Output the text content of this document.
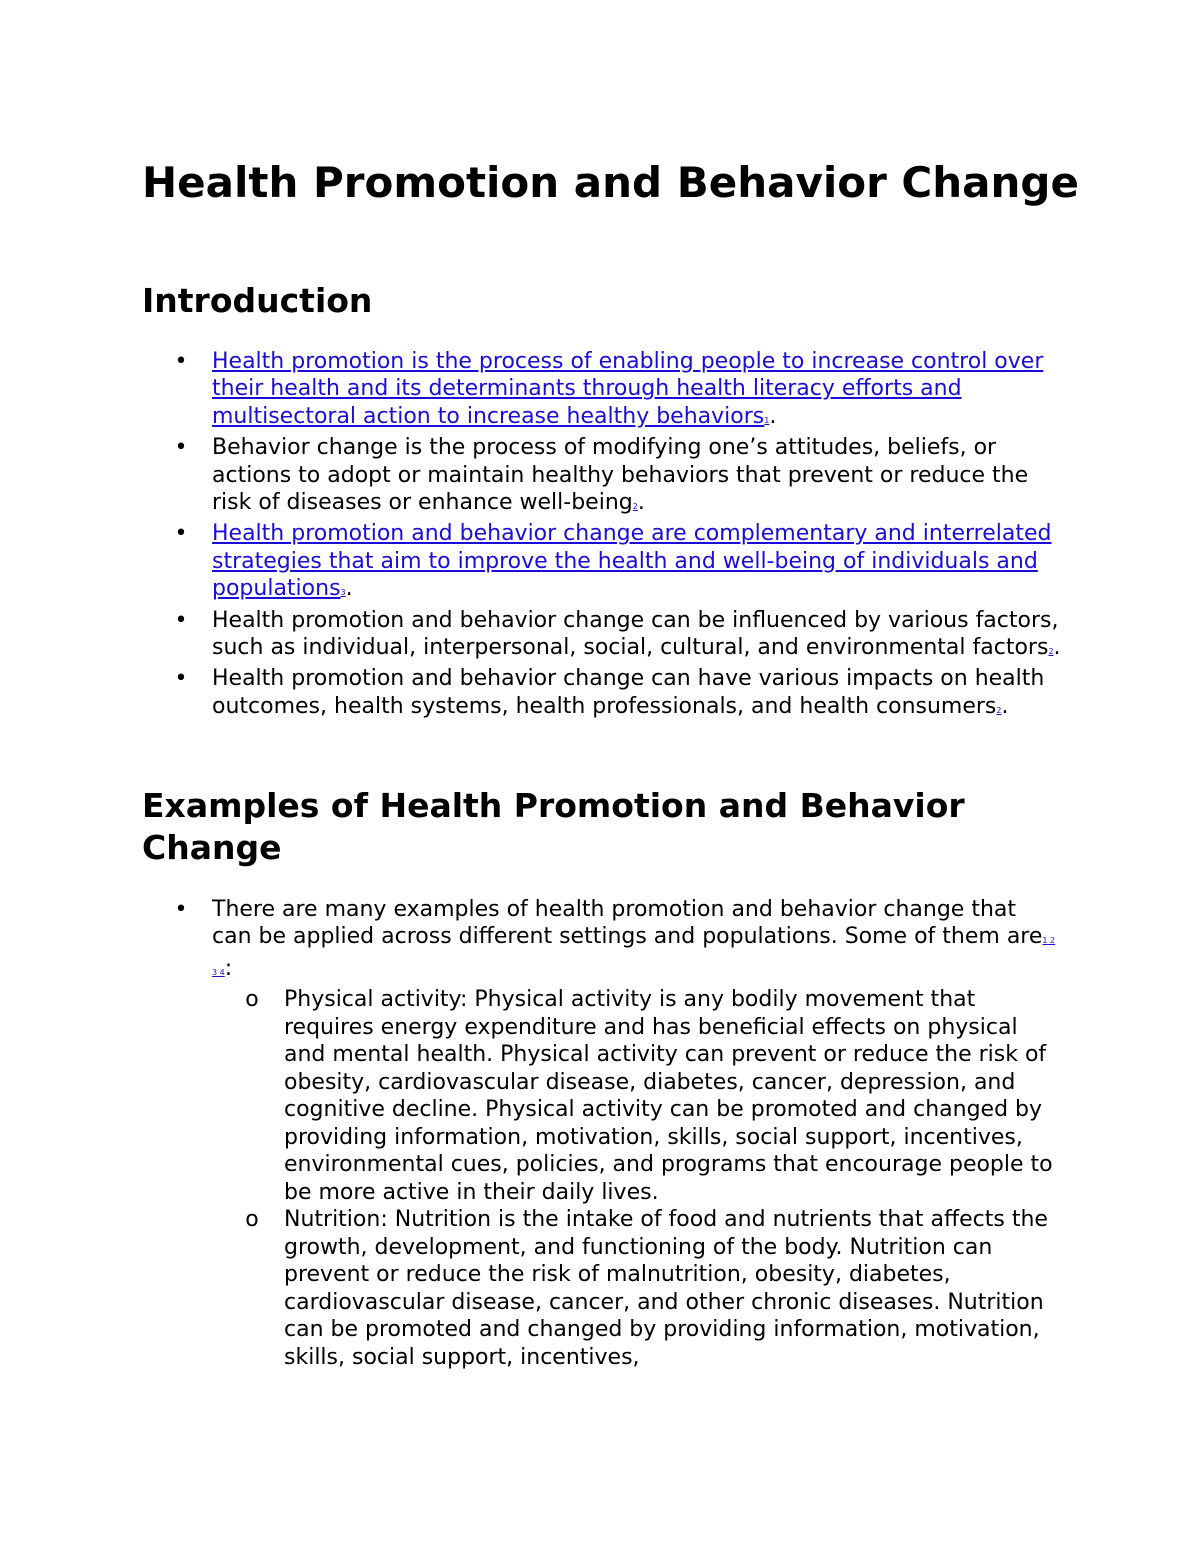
Health Promotion and Behavior Change
Introduction
• Health promotion is the process of enabling people to increase control over their health and its determinants through health literacy efforts and multisectoral action to increase healthy behaviors1.
• Behavior change is the process of modifying one’s attitudes, beliefs, or actions to adopt or maintain healthy behaviors that prevent or reduce the risk of diseases or enhance well-being2.
• Health promotion and behavior change are complementary and interrelated strategies that aim to improve the health and well-being of individuals and populations3.
• Health promotion and behavior change can be influenced by various factors, such as individual, interpersonal, social, cultural, and environmental factors2.
• Health promotion and behavior change can have various impacts on health outcomes, health systems, health professionals, and health consumers2.
Examples of Health Promotion and Behavior Change
• There are many examples of health promotion and behavior change that can be applied across different settings and populations. Some of them are1 2 3 4:
o Physical activity: Physical activity is any bodily movement that requires energy expenditure and has beneficial effects on physical and mental health. Physical activity can prevent or reduce the risk of obesity, cardiovascular disease, diabetes, cancer, depression, and cognitive decline. Physical activity can be promoted and changed by providing information, motivation, skills, social support, incentives, environmental cues, policies, and programs that encourage people to be more active in their daily lives.
o Nutrition: Nutrition is the intake of food and nutrients that affects the growth, development, and functioning of the body. Nutrition can prevent or reduce the risk of malnutrition, obesity, diabetes, cardiovascular disease, cancer, and other chronic diseases. Nutrition can be promoted and changed by providing information, motivation, skills, social support, incentives,
